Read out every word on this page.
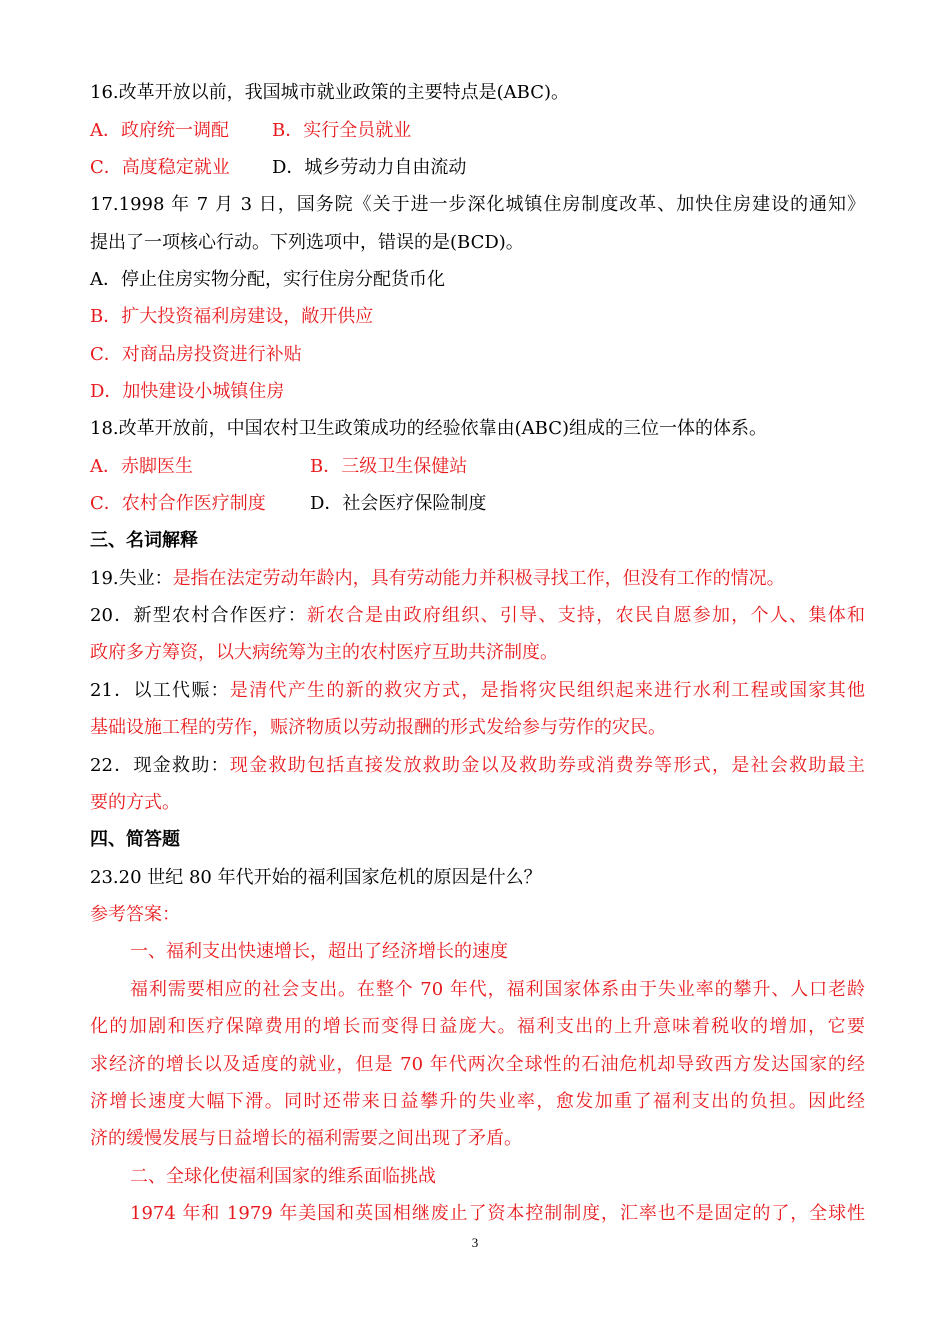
16.改革开放以前，我国城市就业政策的主要特点是(ABC)。
A．政府统一调配 B．实行全员就业
C．高度稳定就业 D．城乡劳动力自由流动
17.1998 年 7 月 3 日，国务院《关于进一步深化城镇住房制度改革、加快住房建设的通知》
提出了一项核心行动。下列选项中，错误的是(BCD)。
A．停止住房实物分配，实行住房分配货币化
B．扩大投资福利房建设，敞开供应
C．对商品房投资进行补贴
D．加快建设小城镇住房
18.改革开放前，中国农村卫生政策成功的经验依靠由(ABC)组成的三位一体的体系。
A．赤脚医生	B．三级卫生保健站
C．农村合作医疗制度 D．社会医疗保险制度
三、名词解释
19.失业：是指在法定劳动年龄内，具有劳动能力并积极寻找工作，但没有工作的情况。
20．新型农村合作医疗：新农合是由政府组织、引导、支持，农民自愿参加，个人、集体和
政府多方筹资，以大病统筹为主的农村医疗互助共济制度。
21．以工代赈：是清代产生的新的救灾方式，是指将灾民组织起来进行水利工程或国家其他
基础设施工程的劳作，赈济物质以劳动报酬的形式发给参与劳作的灾民。
22．现金救助：现金救助包括直接发放救助金以及救助券或消费券等形式，是社会救助最主
要的方式。
四、简答题
23.20 世纪 80 年代开始的福利国家危机的原因是什么？
参考答案：
一、福利支出快速增长，超出了经济增长的速度
福利需要相应的社会支出。在整个 70 年代，福利国家体系由于失业率的攀升、人口老龄
化的加剧和医疗保障费用的增长而变得日益庞大。福利支出的上升意味着税收的增加，它要
求经济的增长以及适度的就业，但是 70 年代两次全球性的石油危机却导致西方发达国家的经
济增长速度大幅下滑。同时还带来日益攀升的失业率，愈发加重了福利支出的负担。因此经
济的缓慢发展与日益增长的福利需要之间出现了矛盾。
二、全球化使福利国家的维系面临挑战
1974 年和 1979 年美国和英国相继废止了资本控制制度，汇率也不是固定的了，全球性
3
